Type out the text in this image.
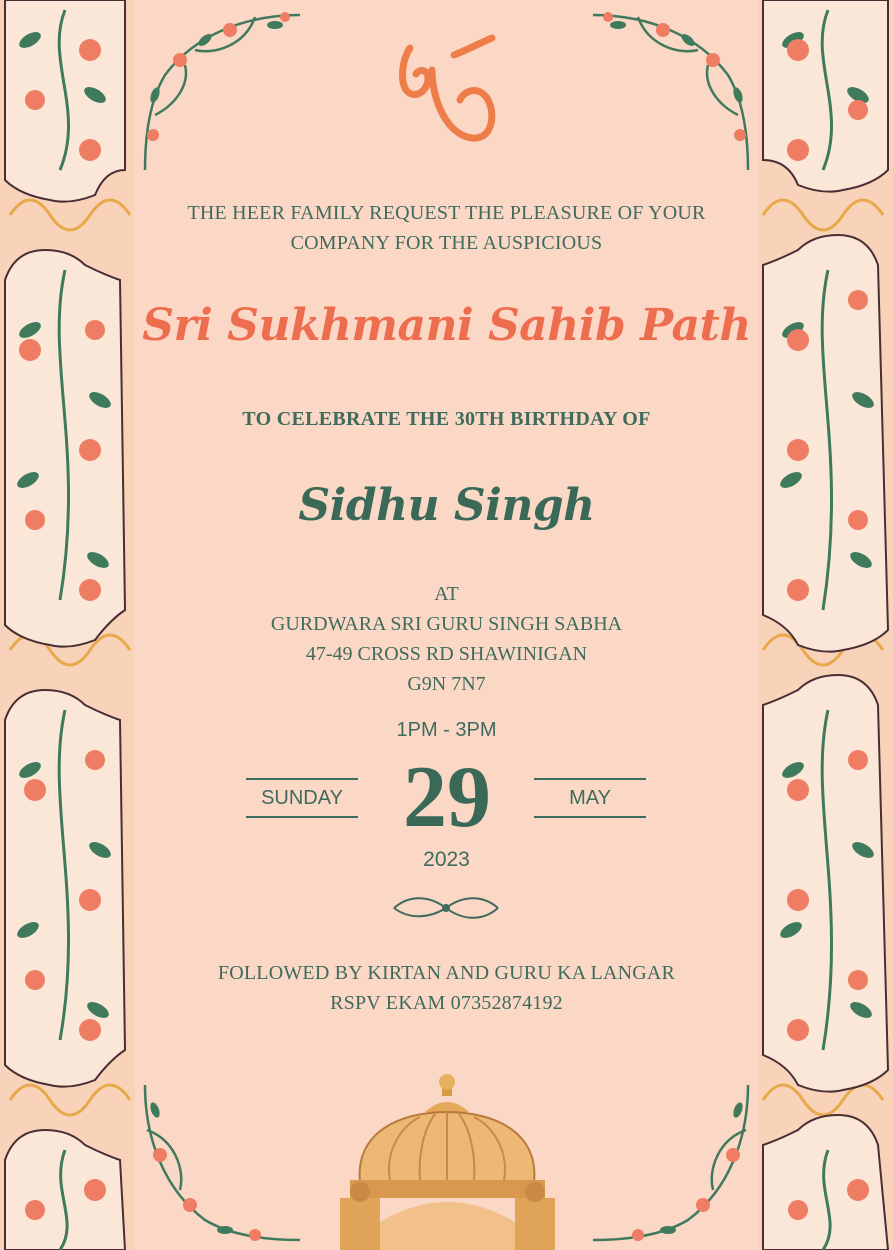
THE HEER FAMILY REQUEST THE PLEASURE OF YOUR COMPANY FOR THE AUSPICIOUS
Sri Sukhmani Sahib Path
TO CELEBRATE THE 30TH BIRTHDAY OF
Sidhu Singh
AT
GURDWARA SRI GURU SINGH SABHA
47-49 CROSS RD SHAWINIGAN
G9N 7N7
1PM - 3PM
SUNDAY 29	MAY
2023
FOLLOWED BY KIRTAN AND GURU KA LANGAR
RSPV EKAM 07352874192
